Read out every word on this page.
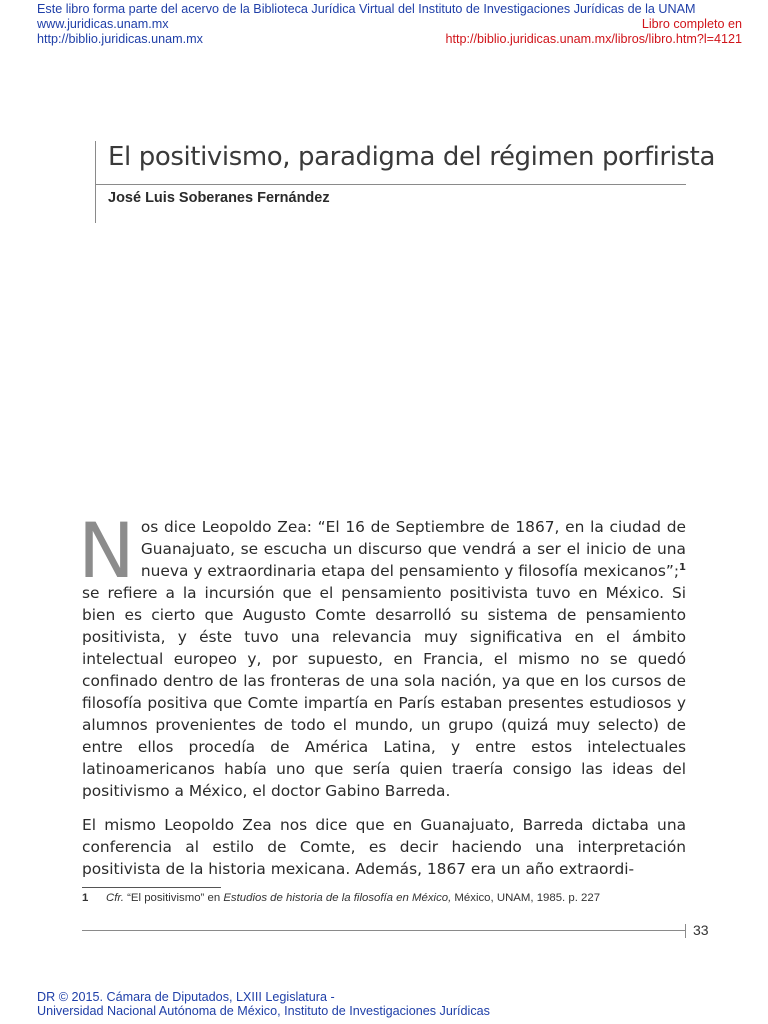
Este libro forma parte del acervo de la Biblioteca Jurídica Virtual del Instituto de Investigaciones Jurídicas de la UNAM
www.juridicas.unam.mx
http://biblio.juridicas.unam.mx
Libro completo en
http://biblio.juridicas.unam.mx/libros/libro.htm?l=4121
El positivismo, paradigma del régimen porfirista
José Luis Soberanes Fernández

Nos dice Leopoldo Zea: “El 16 de Septiembre de 1867, en la ciudad de Guanajuato, se escucha un discurso que vendrá a ser el inicio de una nueva y extraordinaria etapa del pensamiento y filosofía mexicanos”;$^1$ se refiere a la incursión que el pensamiento positivista tuvo en México. Si bien es cierto que Augusto Comte desarrolló su sistema de pensamiento positivista, y éste tuvo una relevancia muy significativa en el ámbito intelectual europeo y, por supuesto, en Francia, el mismo no se quedó confinado dentro de las fronteras de una sola nación, ya que en los cursos de filosofía positiva que Comte impartía en París estaban presentes estudiosos y alumnos provenientes de todo el mundo, un grupo (quizá muy selecto) de entre ellos procedía de América Latina, y entre estos intelectuales latinoamericanos había uno que sería quien traería consigo las ideas del positivismo a México, el doctor Gabino Barreda.

El mismo Leopoldo Zea nos dice que en Guanajuato, Barreda dictaba una conferencia al estilo de Comte, es decir haciendo una interpretación positivista de la historia mexicana. Además, 1867 era un año extraordi-

1 Cfr. “El positivismo” en Estudios de historia de la filosofía en México, México, UNAM, 1985. p. 227

33
DR © 2015. Cámara de Diputados, LXIII Legislatura -
Universidad Nacional Autónoma de México, Instituto de Investigaciones Jurídicas
